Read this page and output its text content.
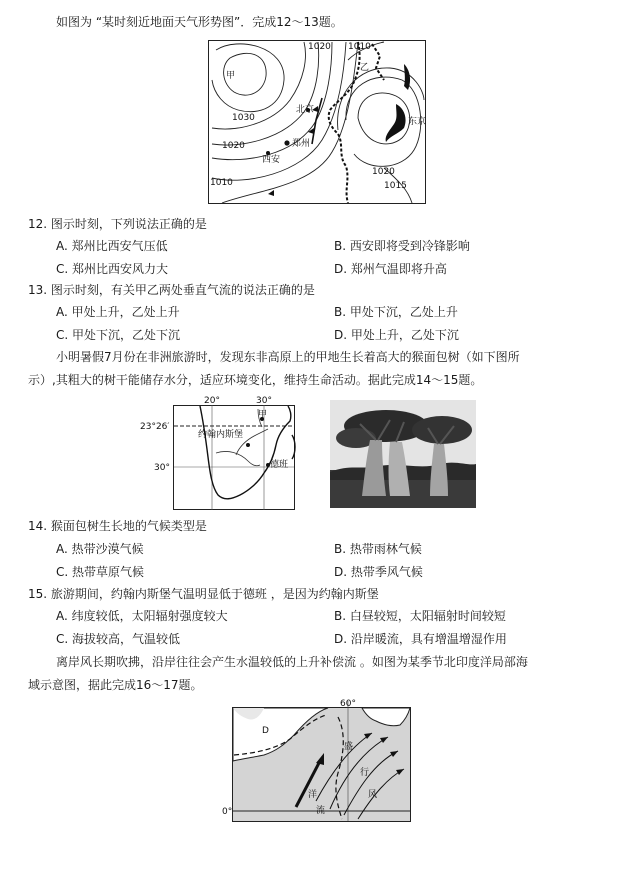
如图为 “某时刻近地面天气形势图”．完成12～13题。
1020 1010
1030
1020
1010
1020
1015
甲
乙
北京
西安
郑州
东京
12. 图示时刻，下列说法正确的是
A. 郑州比西安气压低	B. 西安即将受到冷锋影响
C. 郑州比西安风力大	D. 郑州气温即将升高
13. 图示时刻，有关甲乙两处垂直气流的说法正确的是
A. 甲处上升，乙处上升	B. 甲处下沉，乙处上升
C. 甲处下沉，乙处下沉	D. 甲处上升，乙处下沉
小明暑假7月份在非洲旅游时，发现东非高原上的甲地生长着高大的猴面包树（如下图所
示）,其粗大的树干能储存水分，适应环境变化，维持生命活动。据此完成14～15题。
20°	30°
23°26′
30°
甲
约翰内斯堡
德班
14. 猴面包树生长地的气候类型是
A. 热带沙漠气候	B. 热带雨林气候
C. 热带草原气候	D. 热带季风气候
15. 旅游期间，约翰内斯堡气温明显低于德班 ，是因为约翰内斯堡
A. 纬度较低，太阳辐射强度较大	B. 白昼较短，太阳辐射时间较短
C. 海拔较高，气温较低	D. 沿岸暖流，具有增温增湿作用
离岸风长期吹拂，沿岸往往会产生水温较低的上升补偿流 。如图为某季节北印度洋局部海
域示意图，据此完成16～17题。
60°
0°
D
洋
流
盛
行
风
